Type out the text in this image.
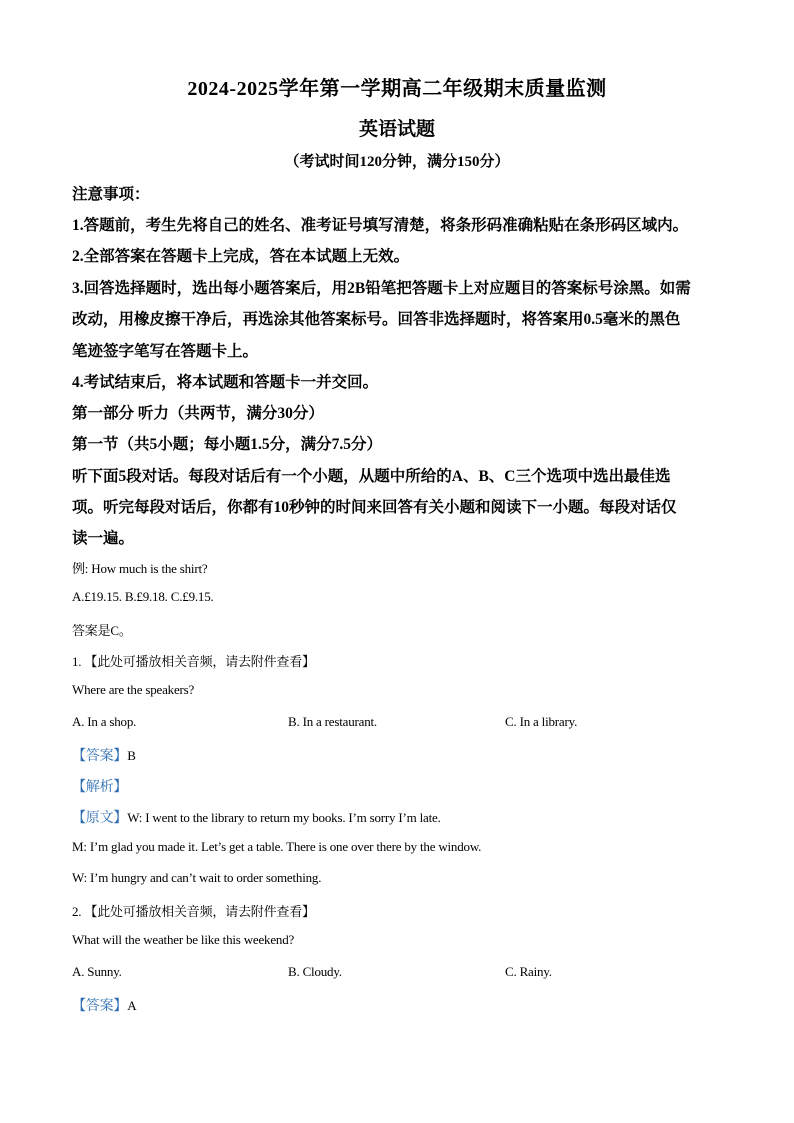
2024-2025学年第一学期高二年级期末质量监测
英语试题
（考试时间120分钟，满分150分）
注意事项：
1.答题前，考生先将自己的姓名、准考证号填写清楚，将条形码准确粘贴在条形码区域内。
2.全部答案在答题卡上完成，答在本试题上无效。
3.回答选择题时，选出每小题答案后，用2B铅笔把答题卡上对应题目的答案标号涂黑。如需
改动，用橡皮擦干净后，再选涂其他答案标号。回答非选择题时，将答案用0.5毫米的黑色
笔迹签字笔写在答题卡上。
4.考试结束后，将本试题和答题卡一并交回。
第一部分 听力（共两节，满分30分）
第一节（共5小题；每小题1.5分，满分7.5分）
听下面5段对话。每段对话后有一个小题，从题中所给的A、B、C三个选项中选出最佳选
项。听完每段对话后，你都有10秒钟的时间来回答有关小题和阅读下一小题。每段对话仅
读一遍。
例: How much is the shirt?
A.£19.15. B.£9.18. C.£9.15.
答案是C。
1. 【此处可播放相关音频，请去附件查看】
Where are the speakers?
A. In a shop.	B. In a restaurant.	C. In a library.
【答案】B
【解析】
【原文】W: I went to the library to return my books. I’m sorry I’m late.
M: I’m glad you made it. Let’s get a table. There is one over there by the window.
W: I’m hungry and can’t wait to order something.
2. 【此处可播放相关音频，请去附件查看】
What will the weather be like this weekend?
A. Sunny.	B. Cloudy.	C. Rainy.
【答案】A
